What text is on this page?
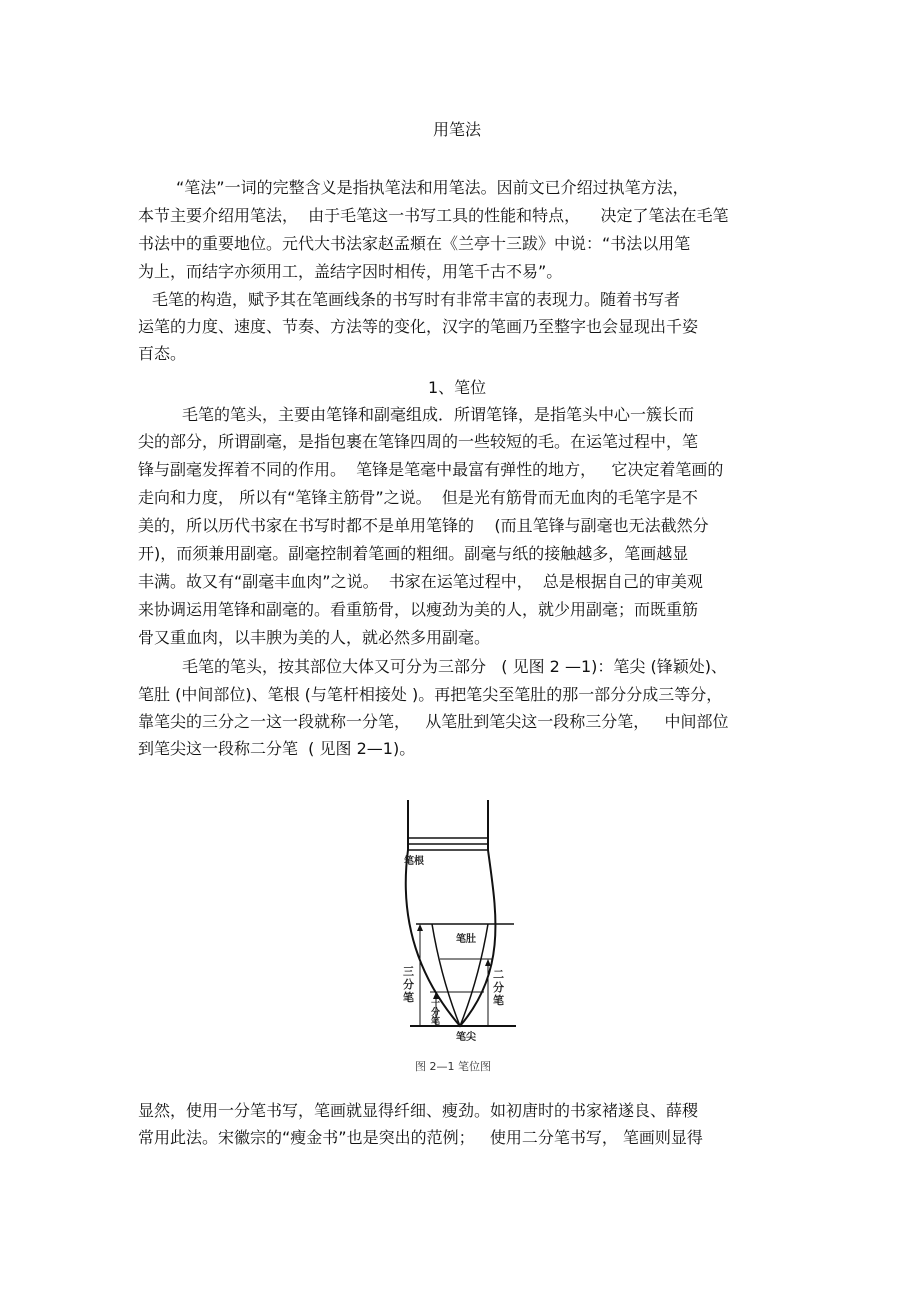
用笔法
“笔法”一词的完整含义是指执笔法和用笔法。因前文已介绍过执笔方法，
本节主要介绍用笔法，  由于毛笔这一书写工具的性能和特点，    决定了笔法在毛笔
书法中的重要地位。元代大书法家赵孟頫在《兰亭十三跋》中说：“书法以用笔
为上，而结字亦须用工，盖结字因时相传，用笔千古不易”。
毛笔的构造，赋予其在笔画线条的书写时有非常丰富的表现力。随着书写者
运笔的力度、速度、节奏、方法等的变化，汉字的笔画乃至整字也会显现出千姿
百态。
1、笔位
毛笔的笔头，主要由笔锋和副毫组成．所谓笔锋，是指笔头中心一簇长而
尖的部分，所谓副毫，是指包裹在笔锋四周的一些较短的毛。在运笔过程中，笔
锋与副毫发挥着不同的作用。  笔锋是笔毫中最富有弹性的地方，   它决定着笔画的
走向和力度， 所以有“笔锋主筋骨”之说。  但是光有筋骨而无血肉的毛笔字是不
美的，所以历代书家在书写时都不是单用笔锋的    (而且笔锋与副毫也无法截然分
开)，而须兼用副毫。副毫控制着笔画的粗细。副毫与纸的接触越多，笔画越显
丰满。故又有“副毫丰血肉”之说。  书家在运笔过程中，  总是根据自己的审美观
来协调运用笔锋和副毫的。看重筋骨，以瘦劲为美的人，就少用副毫；而既重筋
骨又重血肉，以丰腴为美的人，就必然多用副毫。
毛笔的笔头，按其部位大体又可分为三部分   ( 见图 2 —1)：笔尖 (锋颖处)、
笔肚 (中间部位)、笔根 (与笔杆相接处 )。再把笔尖至笔肚的那一部分分成三等分，
靠笔尖的三分之一这一段就称一分笔，   从笔肚到笔尖这一段称三分笔，   中间部位
到笔尖这一段称二分笔  ( 见图 2—1)。
笔根
笔肚
笔尖
三
分
笔
二
分
笔
一
分
笔
图 2—1 笔位图
显然，使用一分笔书写，笔画就显得纤细、瘦劲。如初唐时的书家褚遂良、薛稷
常用此法。宋徽宗的“瘦金书”也是突出的范例；   使用二分笔书写， 笔画则显得
